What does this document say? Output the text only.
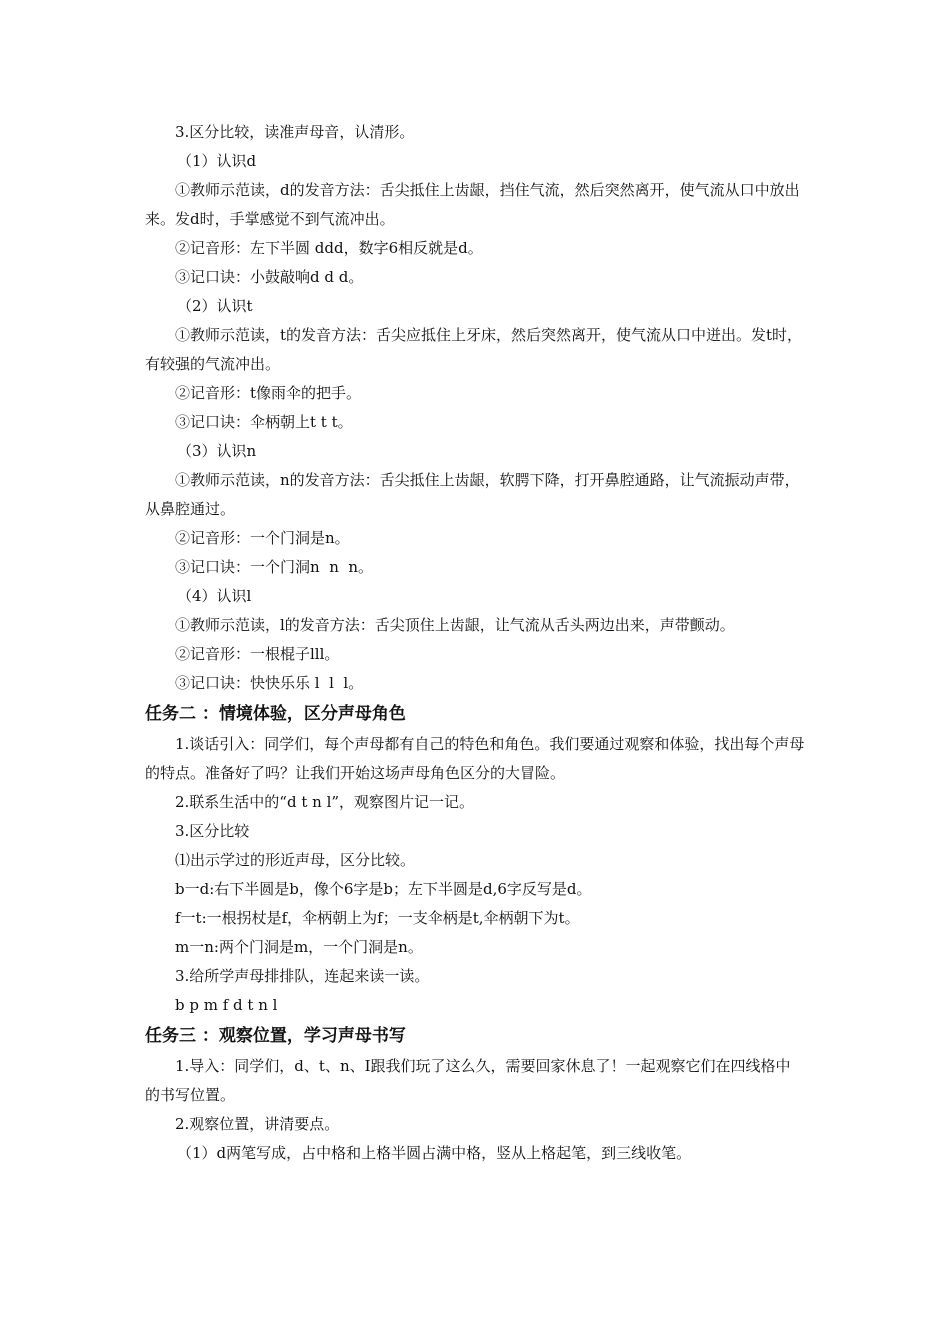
3.区分比较，读准声母音，认清形。

（1）认识d

①教师示范读，d的发音方法：舌尖抵住上齿龈，挡住气流，然后突然离开，使气流从口中放出来。发d时，手掌感觉不到气流冲出。

②记音形：左下半圆 ddd，数字6相反就是d。

③记口诀：小鼓敲响d d d。

（2）认识t

①教师示范读，t的发音方法：舌尖应抵住上牙床，然后突然离开，使气流从口中迸出。发t时，有较强的气流冲出。

②记音形：t像雨伞的把手。

③记口诀：伞柄朝上t t t。

（3）认识n

①教师示范读，n的发音方法：舌尖抵住上齿龈，软腭下降，打开鼻腔通路，让气流振动声带，从鼻腔通过。

②记音形：一个门洞是n。

③记口诀：一个门洞n  n  n。

（4）认识l

①教师示范读，l的发音方法：舌尖顶住上齿龈，让气流从舌头两边出来，声带颤动。

②记音形：一根棍子lll。

③记口诀：快快乐乐 l  l  l。

任务二 ：情境体验，区分声母角色

1.谈话引入：同学们，每个声母都有自己的特色和角色。我们要通过观察和体验，找出每个声母的特点。准备好了吗？让我们开始这场声母角色区分的大冒险。

2.联系生活中的“d t n l”，观察图片记一记。

3.区分比较

⑴出示学过的形近声母，区分比较。

b一d:右下半圆是b，像个6字是b；左下半圆是d,6字反写是d。

f一t:一根拐杖是f，伞柄朝上为f；一支伞柄是t,伞柄朝下为t。

m一n:两个门洞是m，一个门洞是n。

3.给所学声母排排队，连起来读一读。

b p m f d t n l

任务三 ：观察位置，学习声母书写

1.导入：同学们，d、t、n、I跟我们玩了这么久，需要回家休息了！一起观察它们在四线格中的书写位置。

2.观察位置，讲清要点。

（1）d两笔写成，占中格和上格半圆占满中格，竖从上格起笔，到三线收笔。
